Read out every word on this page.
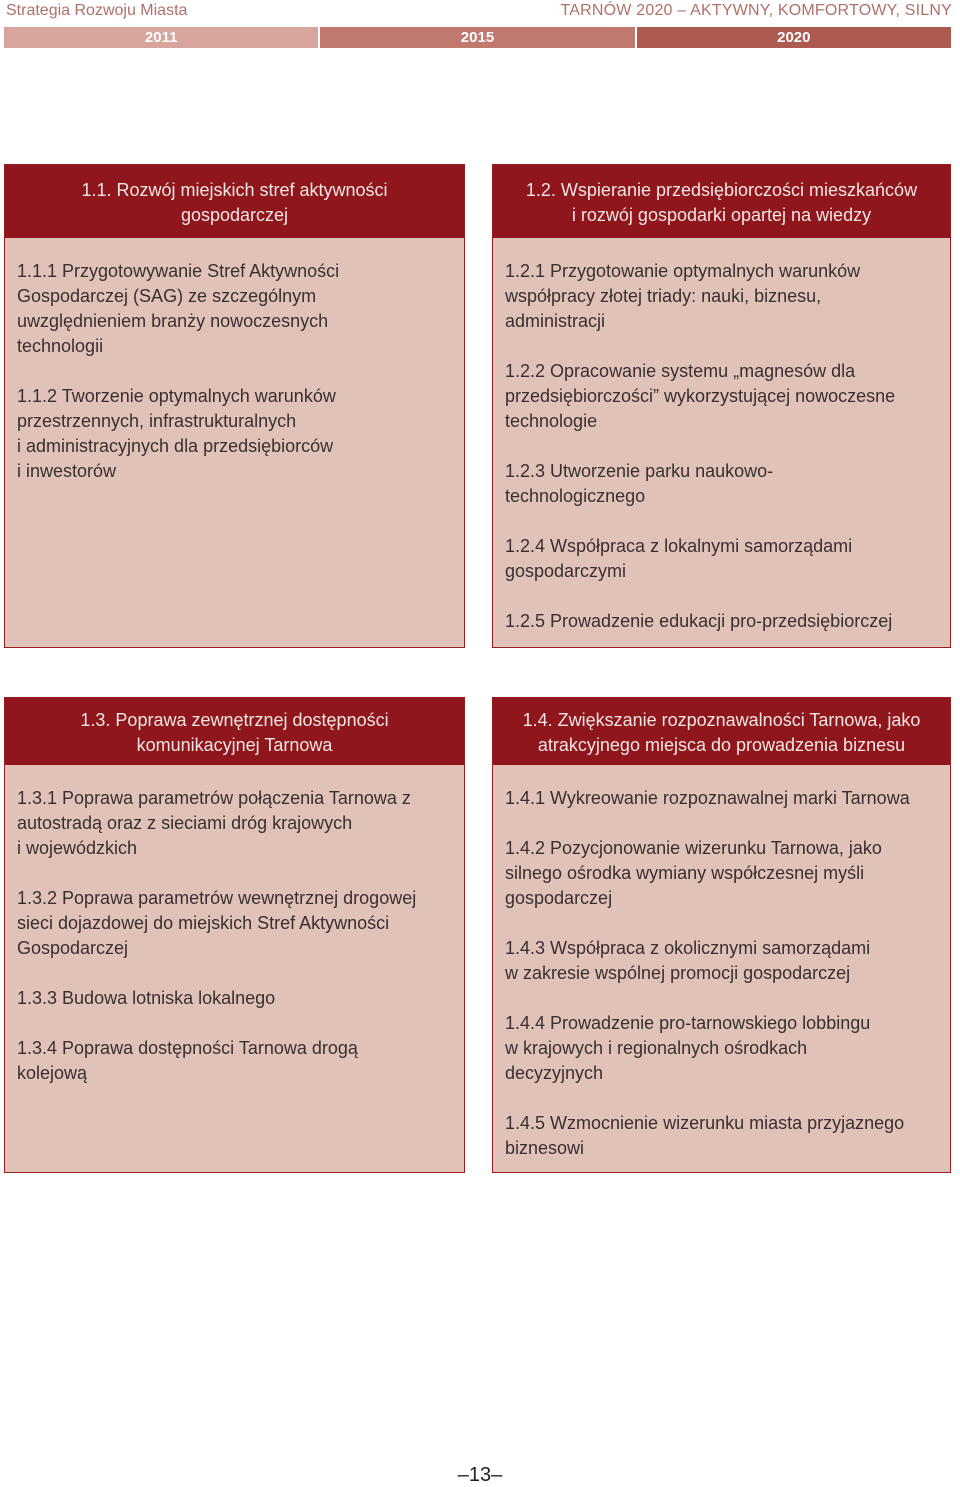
Strategia Rozwoju Miasta	TARNÓW 2020 – AKTYWNY, KOMFORTOWY, SILNY
2011	2015	2020
1.1. Rozwój miejskich stref aktywności
gospodarczej

1.1.1 Przygotowywanie Stref Aktywności
Gospodarczej (SAG) ze szczególnym
uwzględnieniem branży nowoczesnych
technologii

1.1.2 Tworzenie optymalnych warunków
przestrzennych, infrastrukturalnych
i administracyjnych dla przedsiębiorców
i inwestorów

1.2. Wspieranie przedsiębiorczości mieszkańców
i rozwój gospodarki opartej na wiedzy

1.2.1 Przygotowanie optymalnych warunków
współpracy złotej triady: nauki, biznesu,
administracji

1.2.2 Opracowanie systemu „magnesów dla
przedsiębiorczości” wykorzystującej nowoczesne
technologie

1.2.3 Utworzenie parku naukowo-
technologicznego

1.2.4 Współpraca z lokalnymi samorządami
gospodarczymi

1.2.5 Prowadzenie edukacji pro-przedsiębiorczej

1.3. Poprawa zewnętrznej dostępności
komunikacyjnej Tarnowa

1.3.1 Poprawa parametrów połączenia Tarnowa z
autostradą oraz z sieciami dróg krajowych
i wojewódzkich

1.3.2 Poprawa parametrów wewnętrznej drogowej
sieci dojazdowej do miejskich Stref Aktywności
Gospodarczej

1.3.3 Budowa lotniska lokalnego

1.3.4 Poprawa dostępności Tarnowa drogą
kolejową

1.4. Zwiększanie rozpoznawalności Tarnowa, jako
atrakcyjnego miejsca do prowadzenia biznesu

1.4.1 Wykreowanie rozpoznawalnej marki Tarnowa

1.4.2 Pozycjonowanie wizerunku Tarnowa, jako
silnego ośrodka wymiany współczesnej myśli
gospodarczej

1.4.3 Współpraca z okolicznymi samorządami
w zakresie wspólnej promocji gospodarczej

1.4.4 Prowadzenie pro-tarnowskiego lobbingu
w krajowych i regionalnych ośrodkach
decyzyjnych

1.4.5 Wzmocnienie wizerunku miasta przyjaznego
biznesowi

–13–
